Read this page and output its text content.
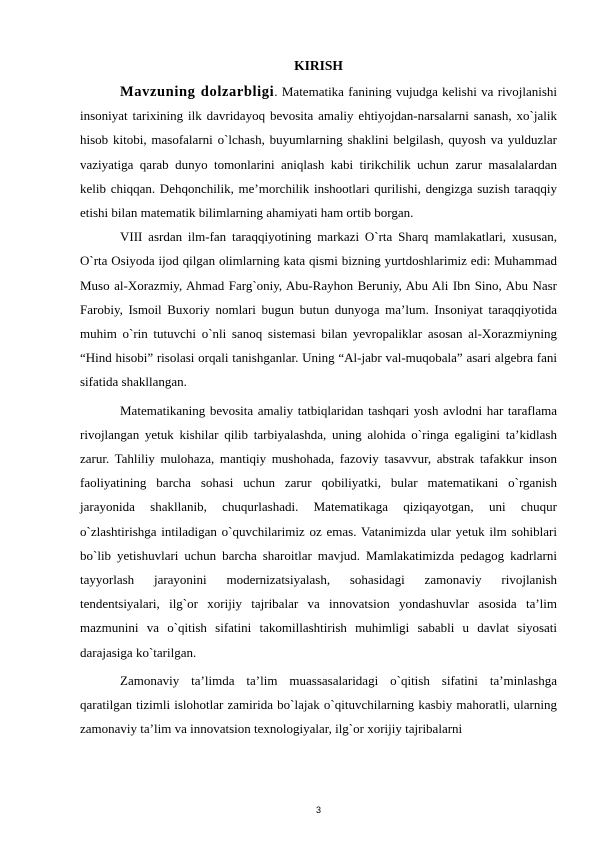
KIRISH

Mavzuning dolzarbligi. Matematika fanining vujudga kelishi va rivojlanishi insoniyat tarixining ilk davridayoq bevosita amaliy ehtiyojdan-narsalarni sanash, xo`jalik hisob kitobi, masofalarni o`lchash, buyumlarning shaklini belgilash, quyosh va yulduzlar vaziyatiga qarab dunyo tomonlarini aniqlash kabi tirikchilik uchun zarur masalalardan kelib chiqqan. Dehqonchilik, me’morchilik inshootlari qurilishi, dengizga suzish taraqqiy etishi bilan matematik bilimlarning ahamiyati ham ortib borgan.

VIII asrdan ilm-fan taraqqiyotining markazi O`rta Sharq mamlakatlari, xususan, O`rta Osiyoda ijod qilgan olimlarning kata qismi bizning yurtdoshlarimiz edi: Muhammad Muso al-Xorazmiy, Ahmad Farg`oniy, Abu-Rayhon Beruniy, Abu Ali Ibn Sino, Abu Nasr Farobiy, Ismoil Buxoriy nomlari bugun butun dunyoga ma’lum. Insoniyat taraqqiyotida muhim o`rin tutuvchi o`nli sanoq sistemasi bilan yevropaliklar asosan al-Xorazmiyning “Hind hisobi” risolasi orqali tanishganlar. Uning “Al-jabr val-muqobala” asari algebra fani sifatida shakllangan.

Matematikaning bevosita amaliy tatbiqlaridan tashqari yosh avlodni har taraflama rivojlangan yetuk kishilar qilib tarbiyalashda, uning alohida o`ringa egaligini ta’kidlash zarur. Tahliliy mulohaza, mantiqiy mushohada, fazoviy tasavvur, abstrak tafakkur inson faoliyatining barcha sohasi uchun zarur qobiliyatki, bular matematikani o`rganish jarayonida shakllanib, chuqurlashadi. Matematikaga qiziqayotgan, uni chuqur o`zlashtirishga intiladigan o`quvchilarimiz oz emas. Vatanimizda ular yetuk ilm sohiblari bo`lib yetishuvlari uchun barcha sharoitlar mavjud. Mamlakatimizda pedagog kadrlarni tayyorlash jarayonini modernizatsiyalash, sohasidagi zamonaviy rivojlanish tendentsiyalari, ilg`or xorijiy tajribalar va innovatsion yondashuvlar asosida ta’lim mazmunini va o`qitish sifatini takomillashtirish muhimligi sababli u davlat siyosati darajasiga ko`tarilgan.

Zamonaviy ta’limda ta’lim muassasalaridagi o`qitish sifatini ta’minlashga qaratilgan tizimli islohotlar zamirida bo`lajak o`qituvchilarning kasbiy mahoratli, ularning zamonaviy ta’lim va innovatsion texnologiyalar, ilg`or xorijiy tajribalarni

3
